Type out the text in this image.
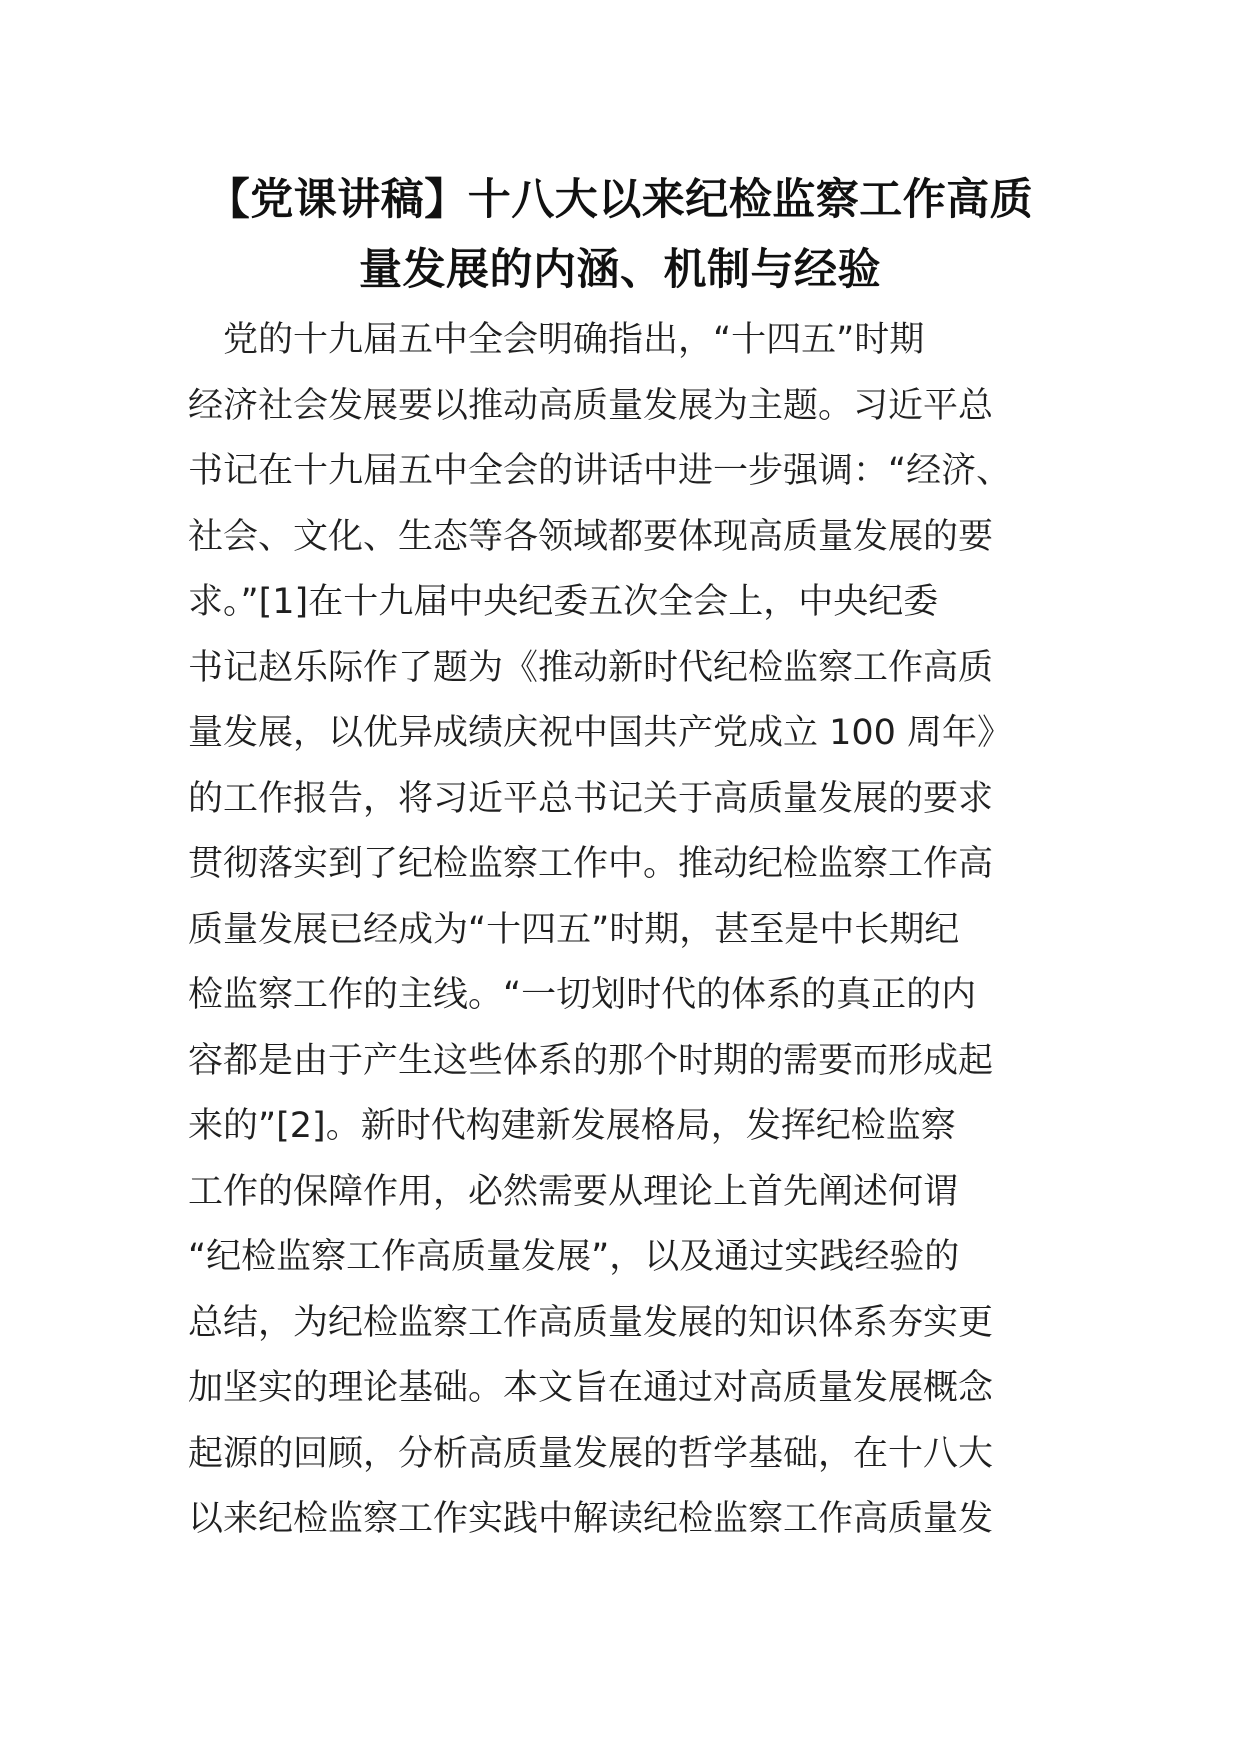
【党课讲稿】十八大以来纪检监察工作高质
量发展的内涵、机制与经验
　党的十九届五中全会明确指出，“十四五”时期
经济社会发展要以推动高质量发展为主题。习近平总
书记在十九届五中全会的讲话中进一步强调：“经济、
社会、文化、生态等各领域都要体现高质量发展的要
求。”[1]在十九届中央纪委五次全会上，中央纪委
书记赵乐际作了题为《推动新时代纪检监察工作高质
量发展，以优异成绩庆祝中国共产党成立 100 周年》
的工作报告，将习近平总书记关于高质量发展的要求
贯彻落实到了纪检监察工作中。推动纪检监察工作高
质量发展已经成为“十四五”时期，甚至是中长期纪
检监察工作的主线。“一切划时代的体系的真正的内
容都是由于产生这些体系的那个时期的需要而形成起
来的”[2]。新时代构建新发展格局，发挥纪检监察
工作的保障作用，必然需要从理论上首先阐述何谓
“纪检监察工作高质量发展”，以及通过实践经验的
总结，为纪检监察工作高质量发展的知识体系夯实更
加坚实的理论基础。本文旨在通过对高质量发展概念
起源的回顾，分析高质量发展的哲学基础，在十八大
以来纪检监察工作实践中解读纪检监察工作高质量发
